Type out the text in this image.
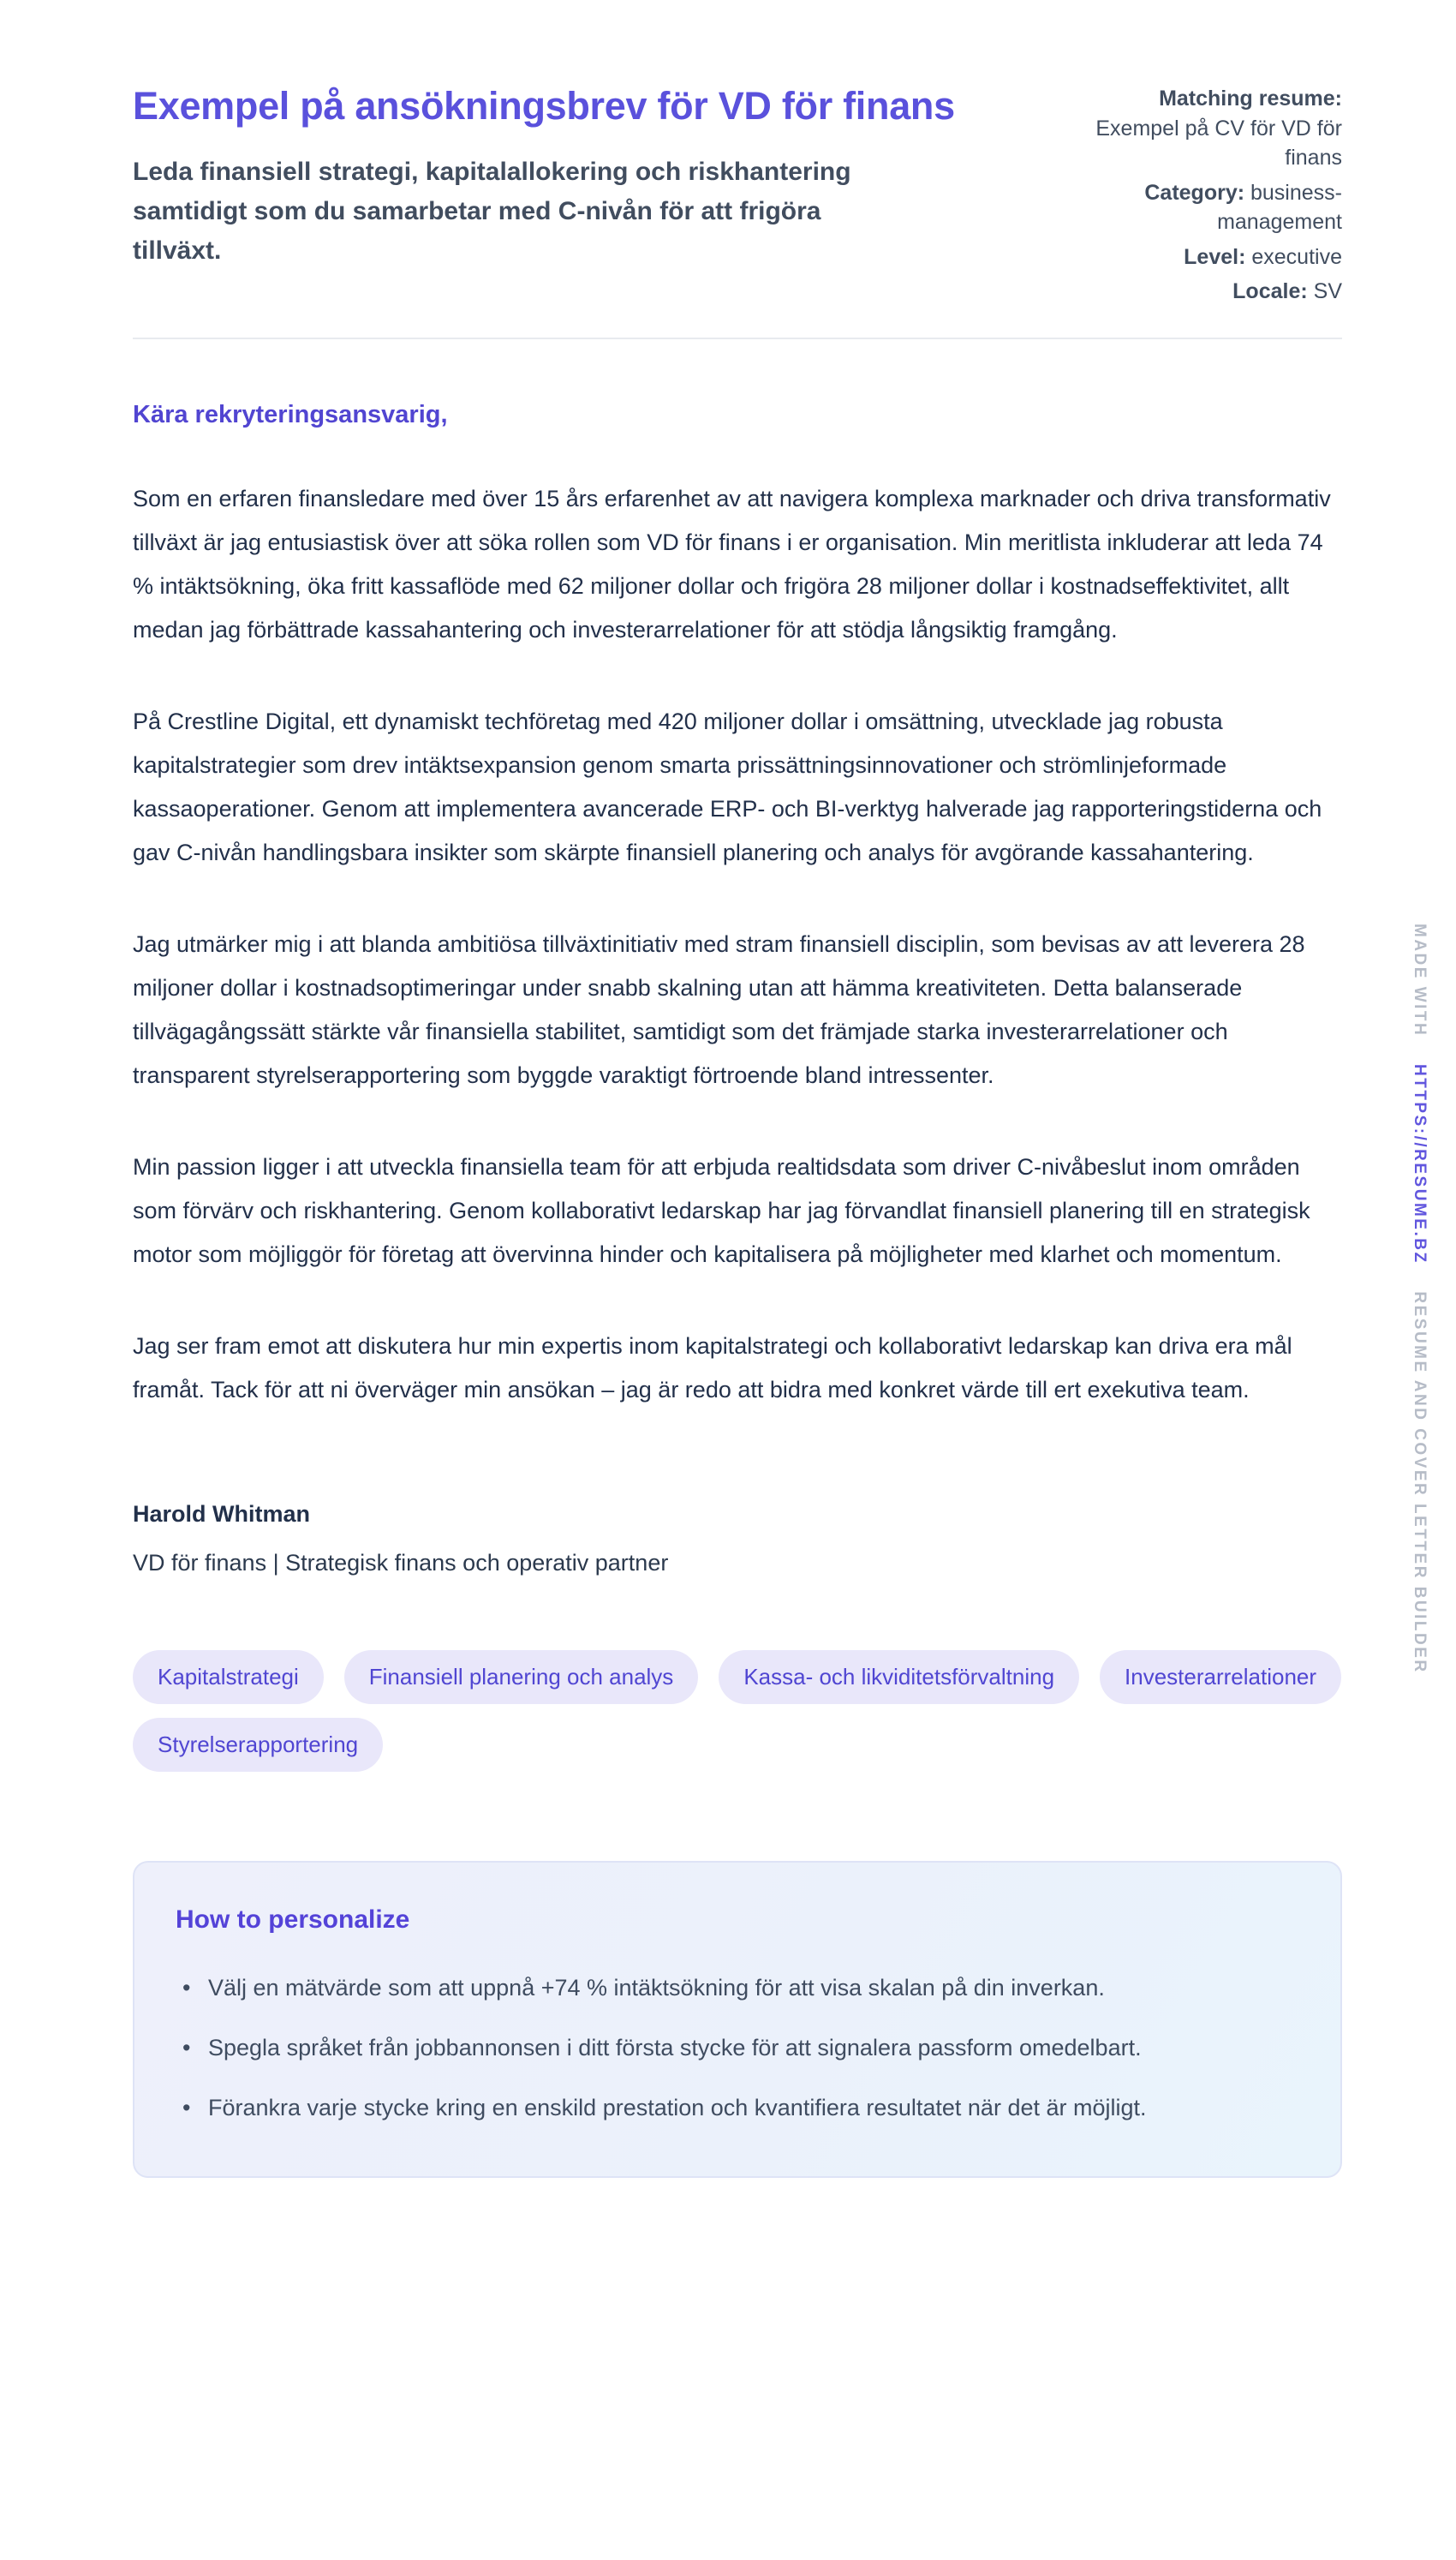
Exempel på ansökningsbrev för VD för finans
Leda finansiell strategi, kapitalallokering och riskhantering samtidigt som du samarbetar med C-nivån för att frigöra tillväxt.
Matching resume: Exempel på CV för VD för finans
Category: business-management
Level: executive
Locale: SV
Kära rekryteringsansvarig,

Som en erfaren finansledare med över 15 års erfarenhet av att navigera komplexa marknader och driva transformativ tillväxt är jag entusiastisk över att söka rollen som VD för finans i er organisation. Min meritlista inkluderar att leda 74 % intäktsökning, öka fritt kassaflöde med 62 miljoner dollar och frigöra 28 miljoner dollar i kostnadseffektivitet, allt medan jag förbättrade kassahantering och investerarrelationer för att stödja långsiktig framgång.

På Crestline Digital, ett dynamiskt techföretag med 420 miljoner dollar i omsättning, utvecklade jag robusta kapitalstrategier som drev intäktsexpansion genom smarta prissättningsinnovationer och strömlinjeformade kassaoperationer. Genom att implementera avancerade ERP- och BI-verktyg halverade jag rapporteringstiderna och gav C-nivån handlingsbara insikter som skärpte finansiell planering och analys för avgörande kassahantering.

Jag utmärker mig i att blanda ambitiösa tillväxtinitiativ med stram finansiell disciplin, som bevisas av att leverera 28 miljoner dollar i kostnadsoptimeringar under snabb skalning utan att hämma kreativiteten. Detta balanserade tillvägagångssätt stärkte vår finansiella stabilitet, samtidigt som det främjade starka investerarrelationer och transparent styrelserapportering som byggde varaktigt förtroende bland intressenter.

Min passion ligger i att utveckla finansiella team för att erbjuda realtidsdata som driver C-nivåbeslut inom områden som förvärv och riskhantering. Genom kollaborativt ledarskap har jag förvandlat finansiell planering till en strategisk motor som möjliggör för företag att övervinna hinder och kapitalisera på möjligheter med klarhet och momentum.

Jag ser fram emot att diskutera hur min expertis inom kapitalstrategi och kollaborativt ledarskap kan driva era mål framåt. Tack för att ni överväger min ansökan – jag är redo att bidra med konkret värde till ert exekutiva team.

Harold Whitman
VD för finans | Strategisk finans och operativ partner
Kapitalstrategi	Finansiell planering och analys	Kassa- och likviditetsförvaltning	Investerarrelationer
Styrelserapportering
How to personalize
• Välj en mätvärde som att uppnå +74 % intäktsökning för att visa skalan på din inverkan.
• Spegla språket från jobbannonsen i ditt första stycke för att signalera passform omedelbart.
• Förankra varje stycke kring en enskild prestation och kvantifiera resultatet när det är möjligt.
MADE WITH HTTPS://RESUME.BZ RESUME AND COVER LETTER BUILDER
